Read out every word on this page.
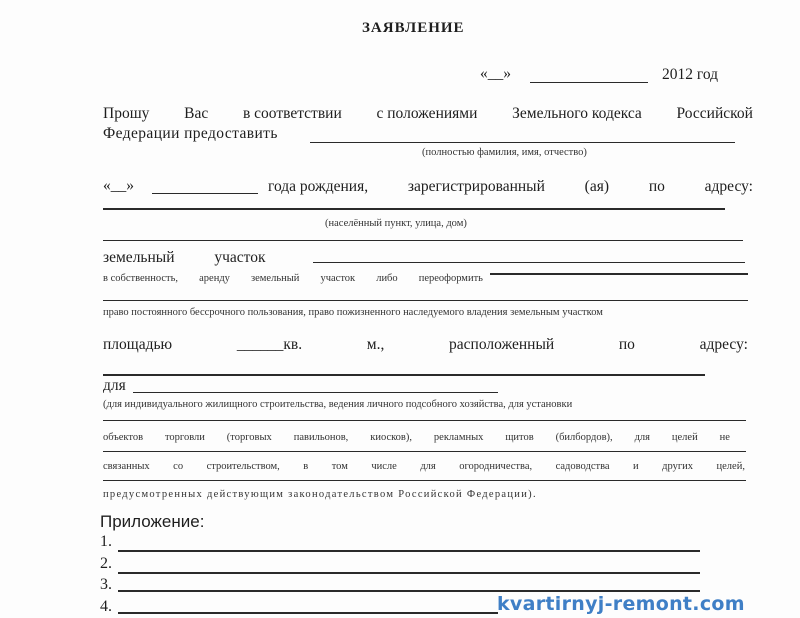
ЗАЯВЛЕНИЕ
«__»	2012 год
Прошу Вас в соответствии с положениями Земельного кодекса Российской
Федерации предоставить
(полностью фамилия, имя, отчество)
«__»	года рождения,	зарегистрированный	(ая)	по	адресу:
(населённый пункт, улица, дом)
земельный	участок
в собственность, аренду земельный участок либо переоформить
право постоянного бессрочного пользования, право пожизненного наследуемого владения земельным участком
площадью	______кв.	м.,	расположенный	по	адресу:
для
(для индивидуального жилищного строительства, ведения личного подсобного хозяйства, для установки
объектов торговли (торговых павильонов, киосков), рекламных щитов (билбордов), для целей не
связанных со строительством, в том числе для огородничества, садоводства и других целей,
предусмотренных действующим законодательством Российской Федерации).
Приложение:
1.
2.
3.
4.	kvartirnyj-remont.com
